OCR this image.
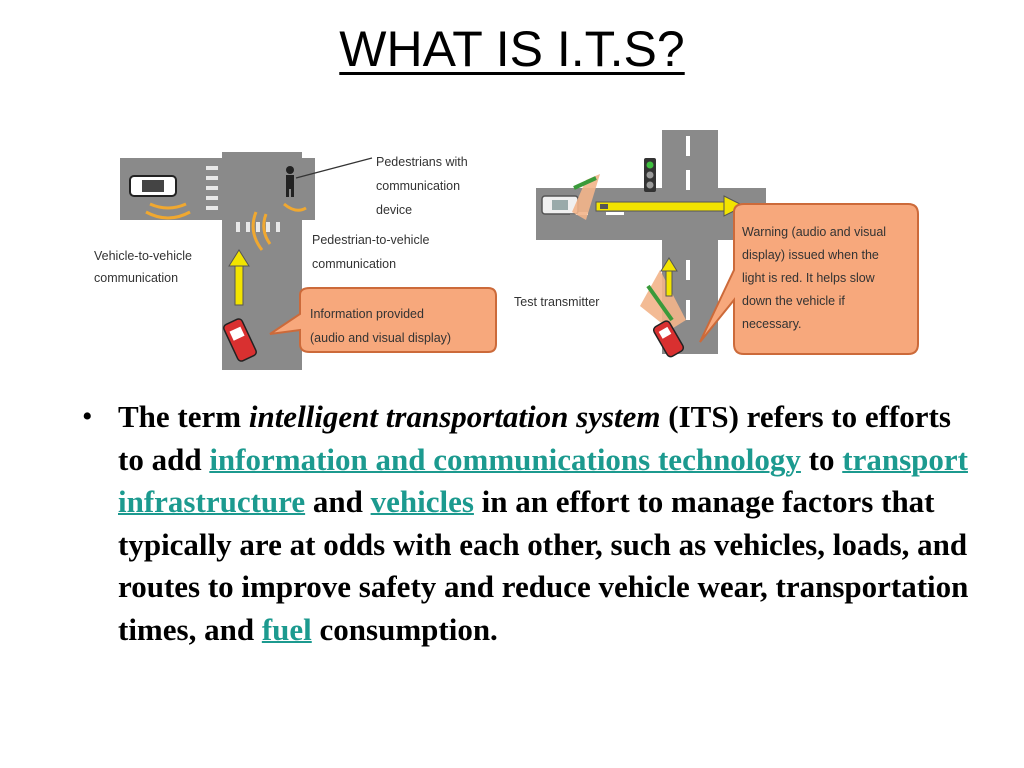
WHAT IS I.T.S?
Pedestrians with
communication
device
Pedestrian-to-vehicle
communication
Vehicle-to-vehicle
communication
Information provided
(audio and visual display)
Test transmitter
Warning (audio and visual
display) issued when the
light is red. It helps slow
down the vehicle if
necessary.
• The term intelligent transportation system (ITS) refers to efforts to add information and communications technology to transport infrastructure and vehicles in an effort to manage factors that typically are at odds with each other, such as vehicles, loads, and routes to improve safety and reduce vehicle wear, transportation times, and fuel consumption.
